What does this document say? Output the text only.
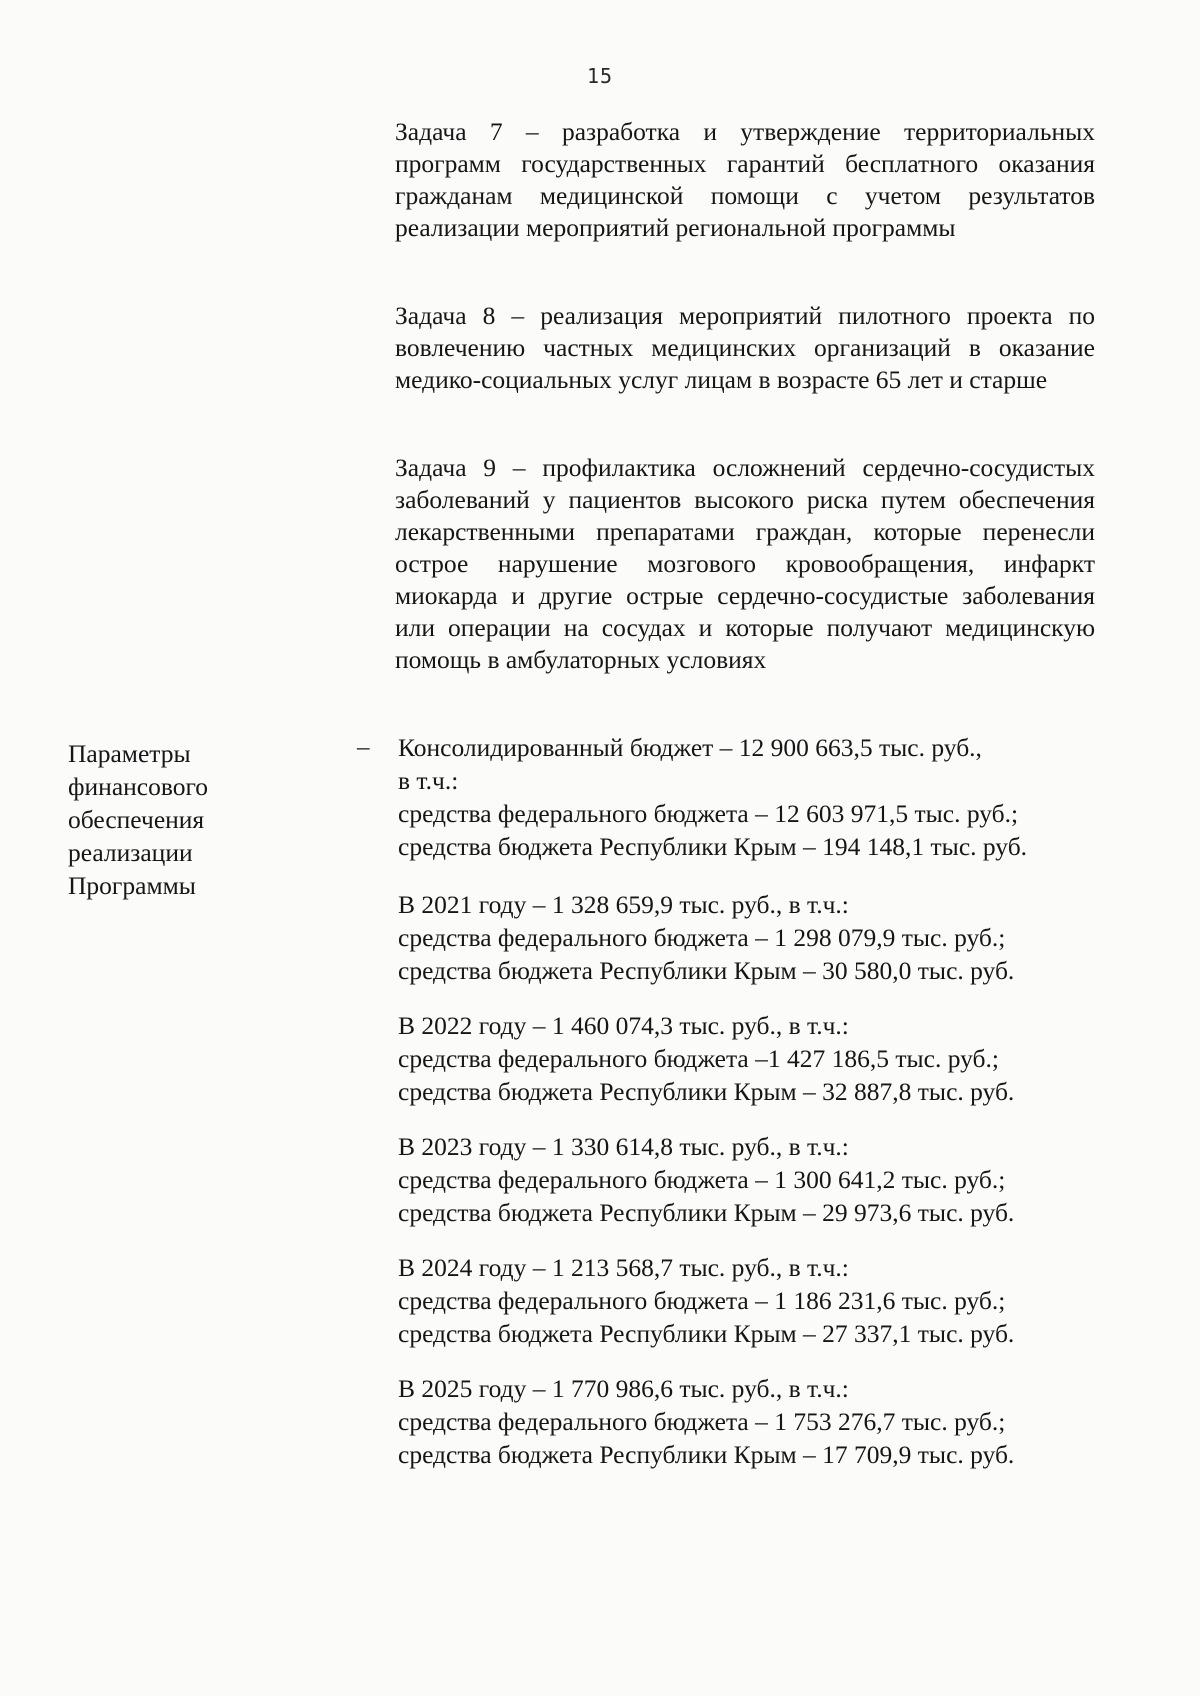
15

Задача 7 – разработка и утверждение территориальных программ государственных гарантий бесплатного оказания гражданам медицинской помощи с учетом результатов реализации мероприятий региональной программы

Задача 8 – реализация мероприятий пилотного проекта по вовлечению частных медицинских организаций в оказание медико-социальных услуг лицам в возрасте 65 лет и старше

Задача 9 – профилактика осложнений сердечно-сосудистых заболеваний у пациентов высокого риска путем обеспечения лекарственными препаратами граждан, которые перенесли острое нарушение мозгового кровообращения, инфаркт миокарда и другие острые сердечно-сосудистые заболевания или операции на сосудах и которые получают медицинскую помощь в амбулаторных условиях

Параметры
финансового
обеспечения
реализации
Программы
– Консолидированный бюджет – 12 900 663,5 тыс. руб.,
в т.ч.:
средства федерального бюджета – 12 603 971,5 тыс. руб.;
средства бюджета Республики Крым – 194 148,1 тыс. руб.
В 2021 году – 1 328 659,9 тыс. руб., в т.ч.:
средства федерального бюджета – 1 298 079,9 тыс. руб.;
средства бюджета Республики Крым – 30 580,0 тыс. руб.
В 2022 году – 1 460 074,3 тыс. руб., в т.ч.:
средства федерального бюджета –1 427 186,5 тыс. руб.;
средства бюджета Республики Крым – 32 887,8 тыс. руб.
В 2023 году – 1 330 614,8 тыс. руб., в т.ч.:
средства федерального бюджета – 1 300 641,2 тыс. руб.;
средства бюджета Республики Крым – 29 973,6 тыс. руб.
В 2024 году – 1 213 568,7 тыс. руб., в т.ч.:
средства федерального бюджета – 1 186 231,6 тыс. руб.;
средства бюджета Республики Крым – 27 337,1 тыс. руб.
В 2025 году – 1 770 986,6 тыс. руб., в т.ч.:
средства федерального бюджета – 1 753 276,7 тыс. руб.;
средства бюджета Республики Крым – 17 709,9 тыс. руб.
